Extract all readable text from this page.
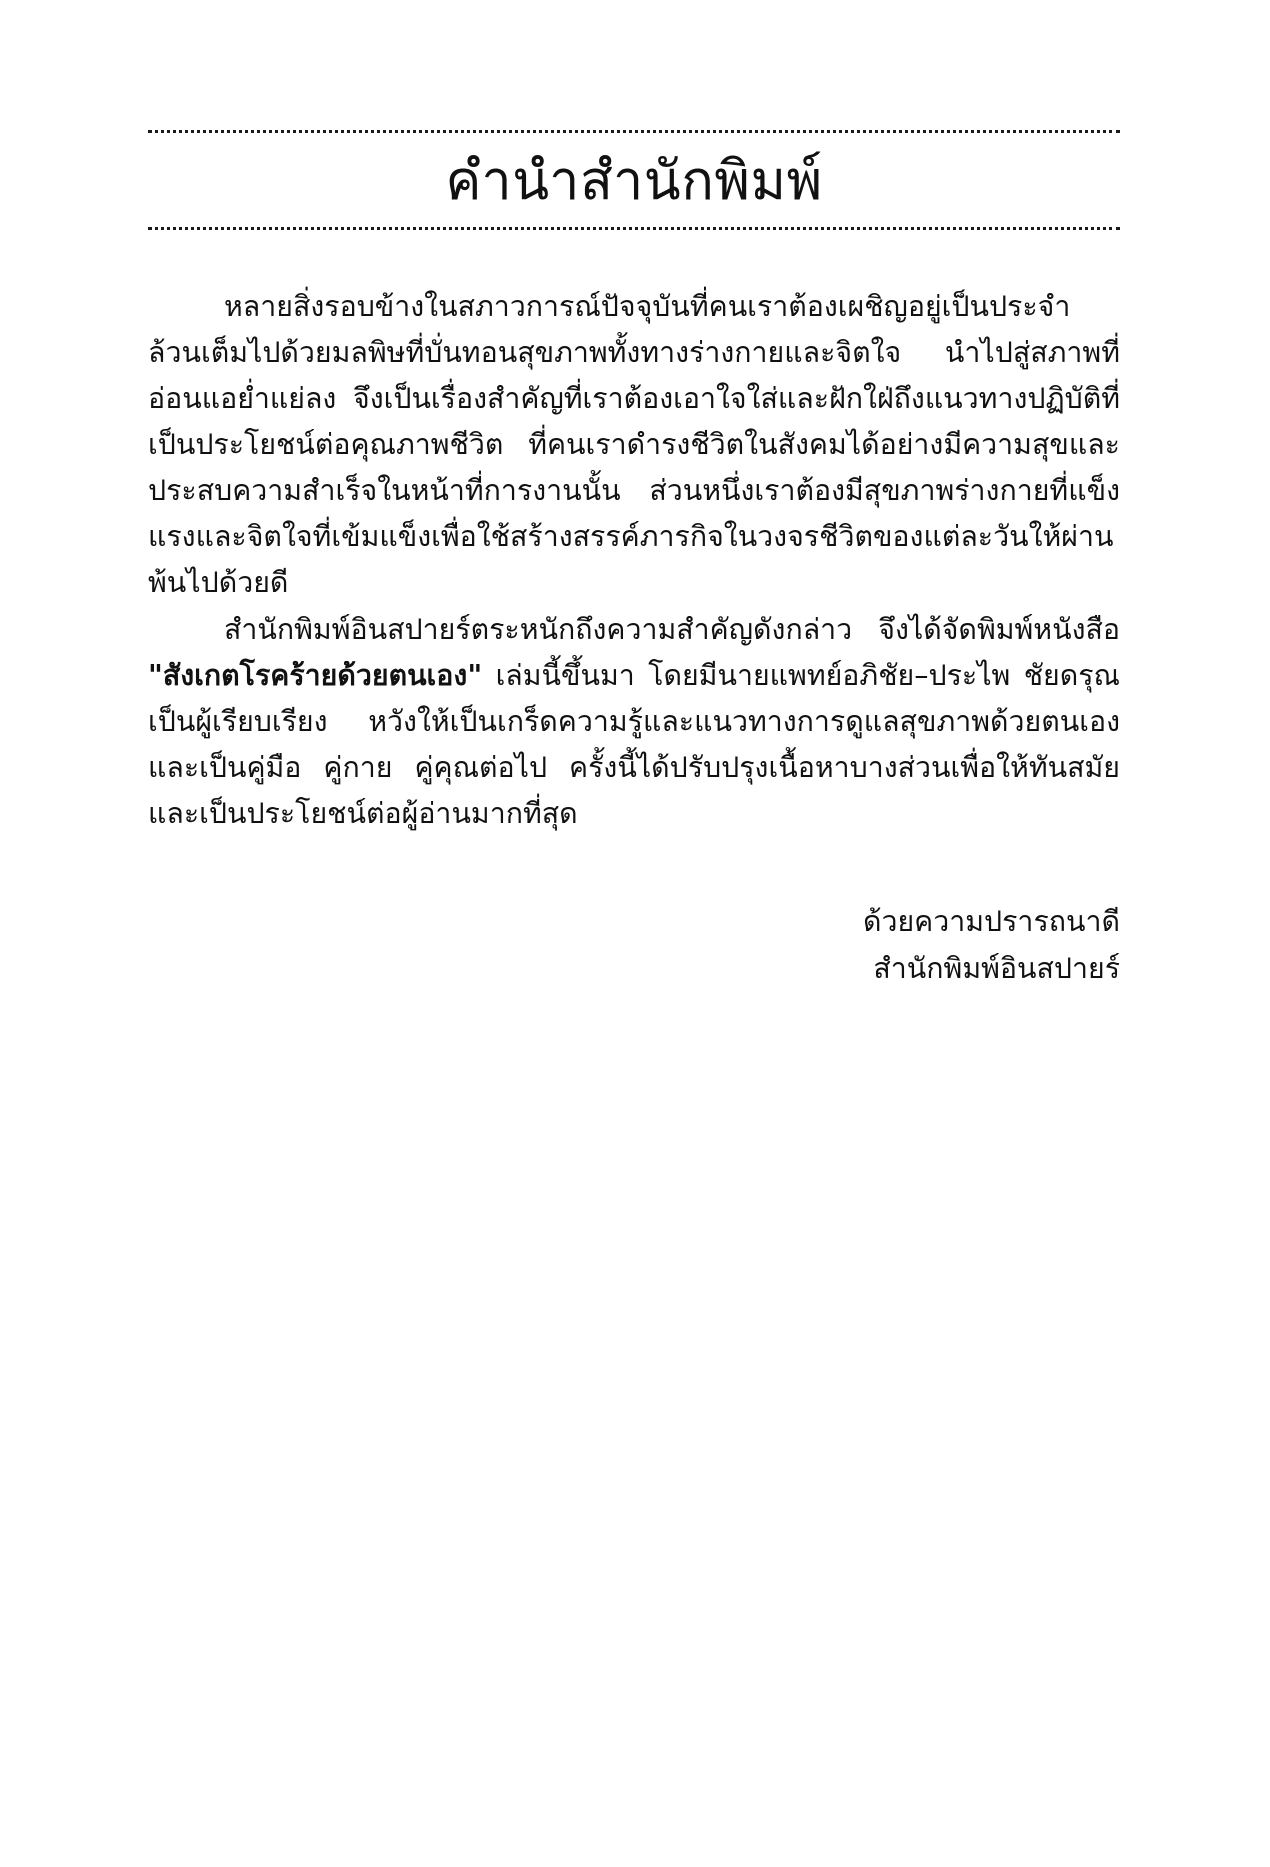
คำนำสำนักพิมพ์

หลายสิ่งรอบข้างในสภาวการณ์ปัจจุบันที่คนเราต้องเผชิญอยู่เป็นประจำ ล้วนเต็มไปด้วยมลพิษที่บั่นทอนสุขภาพทั้งทางร่างกายและจิตใจ นำไปสู่สภาพที่อ่อนแอย่ำแย่ลง จึงเป็นเรื่องสำคัญที่เราต้องเอาใจใส่และฝักใฝ่ถึงแนวทางปฏิบัติที่เป็นประโยชน์ต่อคุณภาพชีวิต ที่คนเราดำรงชีวิตในสังคมได้อย่างมีความสุขและประสบความสำเร็จในหน้าที่การงานนั้น ส่วนหนึ่งเราต้องมีสุขภาพร่างกายที่แข็งแรงและจิตใจที่เข้มแข็งเพื่อใช้สร้างสรรค์ภารกิจในวงจรชีวิตของแต่ละวันให้ผ่านพ้นไปด้วยดี

สำนักพิมพ์อินสปายร์ตระหนักถึงความสำคัญดังกล่าว จึงได้จัดพิมพ์หนังสือ "สังเกตโรคร้ายด้วยตนเอง" เล่มนี้ขึ้นมา โดยมีนายแพทย์อภิชัย–ประไพ ชัยดรุณ เป็นผู้เรียบเรียง หวังให้เป็นเกร็ดความรู้และแนวทางการดูแลสุขภาพด้วยตนเองและเป็นคู่มือ คู่กาย คู่คุณต่อไป ครั้งนี้ได้ปรับปรุงเนื้อหาบางส่วนเพื่อให้ทันสมัยและเป็นประโยชน์ต่อผู้อ่านมากที่สุด

ด้วยความปรารถนาดี
สำนักพิมพ์อินสปายร์
